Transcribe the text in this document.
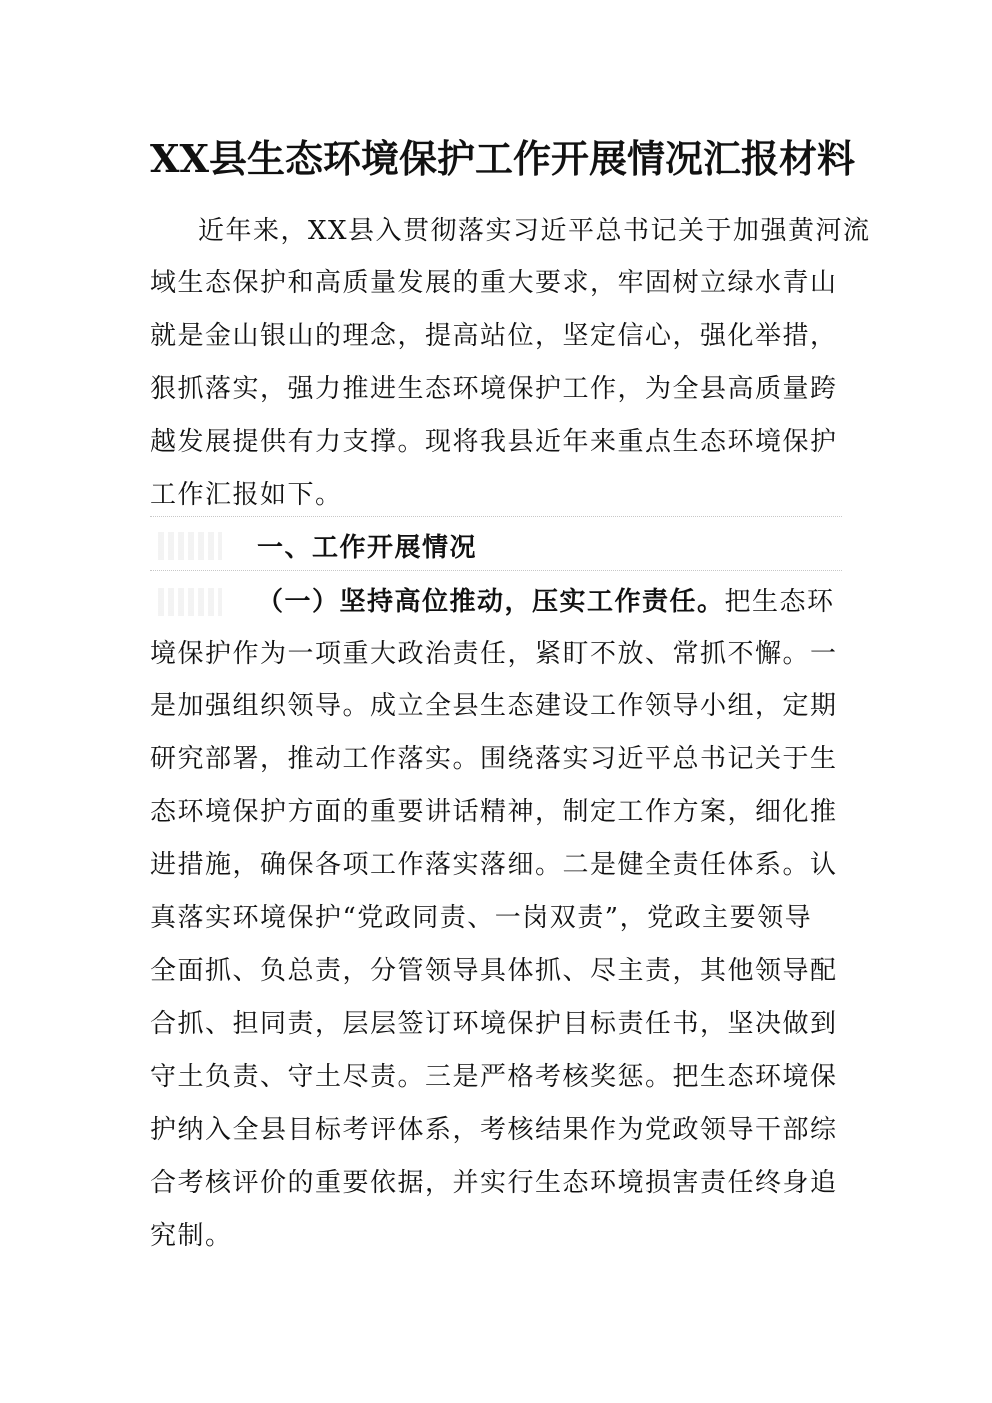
XX县生态环境保护工作开展情况汇报材料
近年来，XX县入贯彻落实习近平总书记关于加强黄河流
域生态保护和高质量发展的重大要求，牢固树立绿水青山
就是金山银山的理念，提高站位，坚定信心，强化举措，
狠抓落实，强力推进生态环境保护工作，为全县高质量跨
越发展提供有力支撑。现将我县近年来重点生态环境保护
工作汇报如下。
一、工作开展情况
（一）坚持高位推动，压实工作责任。把生态环
境保护作为一项重大政治责任，紧盯不放、常抓不懈。一
是加强组织领导。成立全县生态建设工作领导小组，定期
研究部署，推动工作落实。围绕落实习近平总书记关于生
态环境保护方面的重要讲话精神，制定工作方案，细化推
进措施，确保各项工作落实落细。二是健全责任体系。认
真落实环境保护“党政同责、一岗双责”，党政主要领导
全面抓、负总责，分管领导具体抓、尽主责，其他领导配
合抓、担同责，层层签订环境保护目标责任书，坚决做到
守土负责、守土尽责。三是严格考核奖惩。把生态环境保
护纳入全县目标考评体系，考核结果作为党政领导干部综
合考核评价的重要依据，并实行生态环境损害责任终身追
究制。
